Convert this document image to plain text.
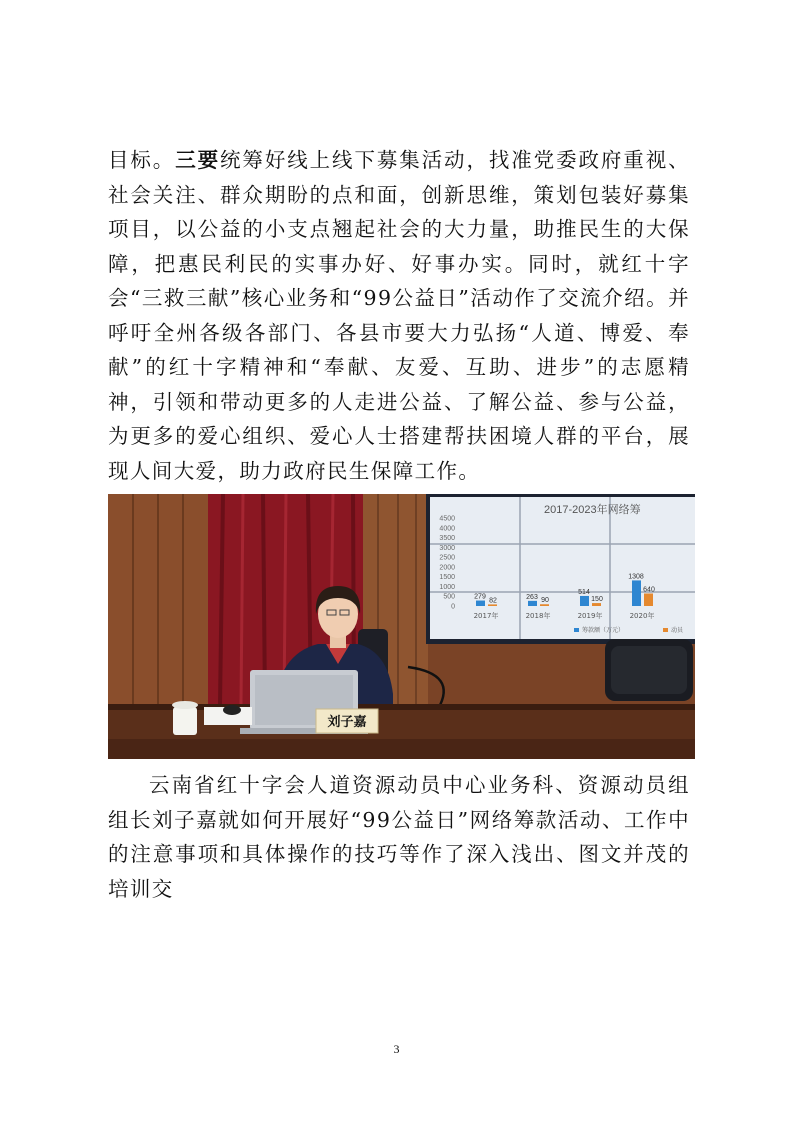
目标。三要统筹好线上线下募集活动，找准党委政府重视、社会关注、群众期盼的点和面，创新思维，策划包装好募集项目，以公益的小支点翘起社会的大力量，助推民生的大保障，把惠民利民的实事办好、好事办实。同时，就红十字会“三救三献”核心业务和“99公益日”活动作了交流介绍。并呼吁全州各级各部门、各县市要大力弘扬“人道、博爱、奉献”的红十字精神和“奉献、友爱、互助、进步”的志愿精神，引领和带动更多的人走进公益、了解公益、参与公益，为更多的爱心组织、爱心人士搭建帮扶困境人群的平台，展现人间大爱，助力政府民生保障工作。

2017-2023年网络筹
4500
4000
3500
3000
2500
2000
1500
1000
500
0
279
82
2017年
263 90
2018年
514
150
2019年
1308
640
2020年
筹款额（万元）	动员
刘子嘉

云南省红十字会人道资源动员中心业务科、资源动员组组长刘子嘉就如何开展好“99公益日”网络筹款活动、工作中的注意事项和具体操作的技巧等作了深入浅出、图文并茂的培训交

3
